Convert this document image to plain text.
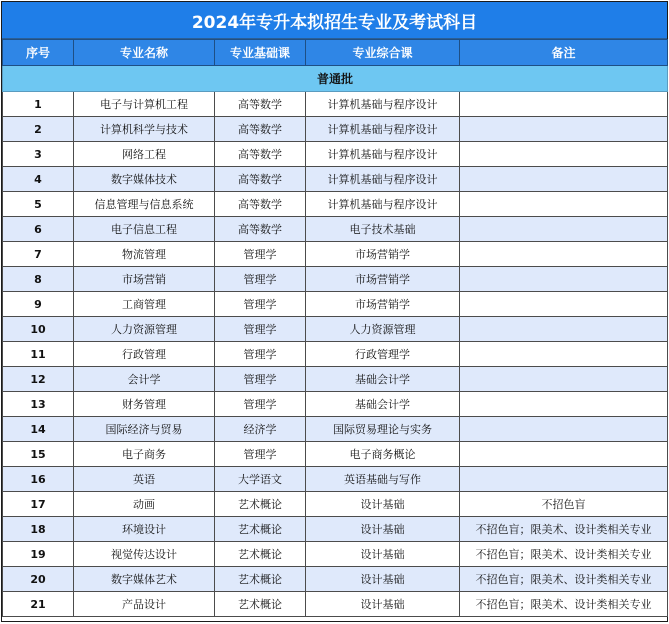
2024年专升本拟招生专业及考试科目
序号	专业名称	专业基础课	专业综合课	备注
普通批				
1	电子与计算机工程	高等数学	计算机基础与程序设计	
2	计算机科学与技术	高等数学	计算机基础与程序设计	
3	网络工程	高等数学	计算机基础与程序设计	
4	数字媒体技术	高等数学	计算机基础与程序设计	
5	信息管理与信息系统	高等数学	计算机基础与程序设计	
6	电子信息工程	高等数学	电子技术基础	
7	物流管理	管理学	市场营销学	
8	市场营销	管理学	市场营销学	
9	工商管理	管理学	市场营销学	
10	人力资源管理	管理学	人力资源管理	
11	行政管理	管理学	行政管理学	
12	会计学	管理学	基础会计学	
13	财务管理	管理学	基础会计学	
14	国际经济与贸易	经济学	国际贸易理论与实务	
15	电子商务	管理学	电子商务概论	
16	英语	大学语文	英语基础与写作	
17	动画	艺术概论	设计基础	不招色盲
18	环境设计	艺术概论	设计基础	不招色盲；限美术、设计类相关专业
19	视觉传达设计	艺术概论	设计基础	不招色盲；限美术、设计类相关专业
20	数字媒体艺术	艺术概论	设计基础	不招色盲；限美术、设计类相关专业
21	产品设计	艺术概论	设计基础	不招色盲；限美术、设计类相关专业
